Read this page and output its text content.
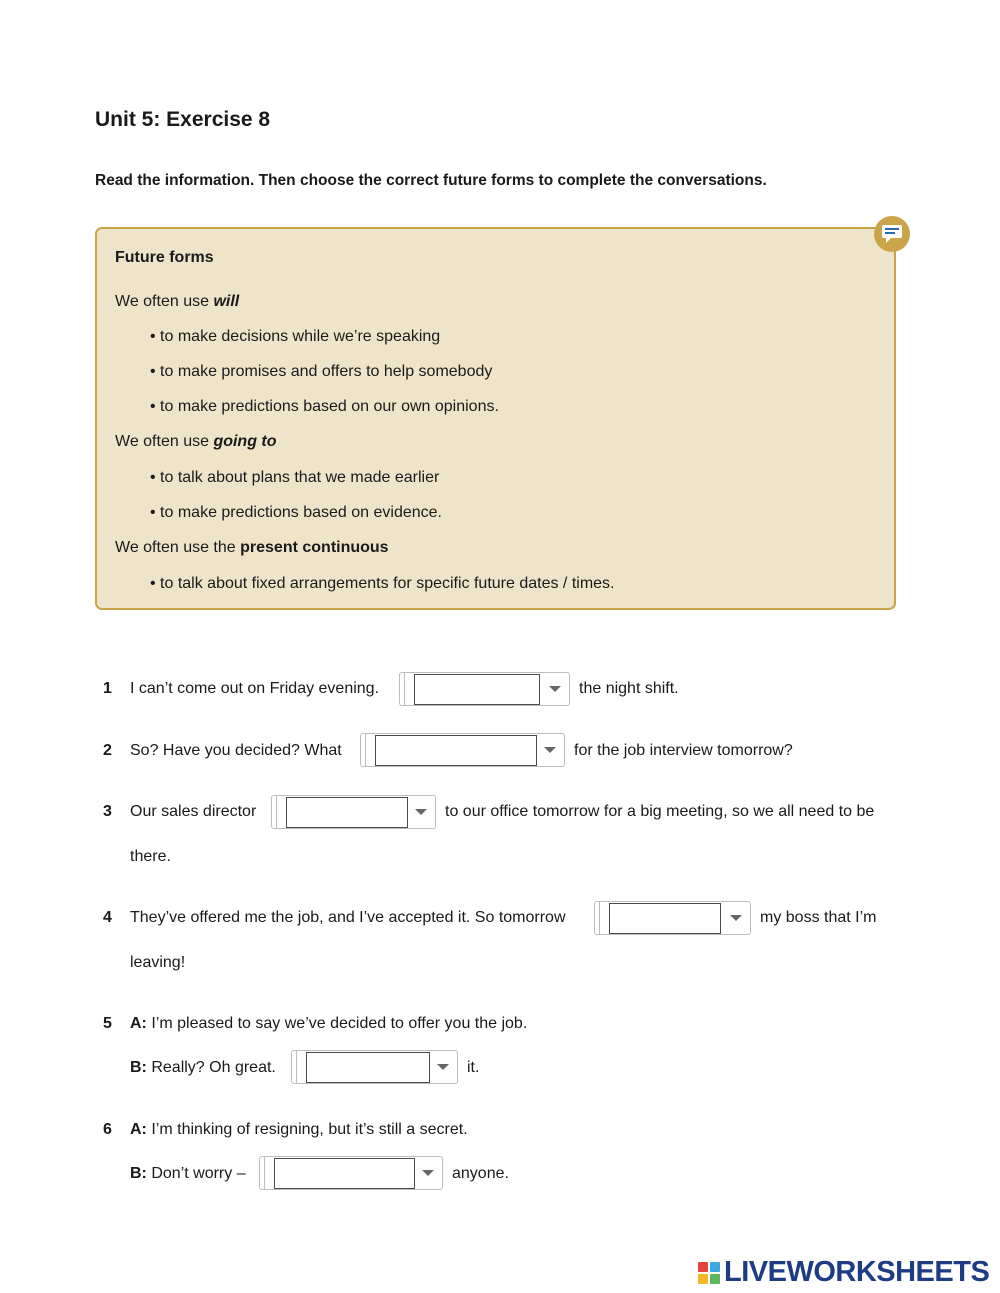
Unit 5: Exercise 8
Read the information. Then choose the correct future forms to complete the conversations.
Future forms
We often use will
• to make decisions while we’re speaking
• to make promises and offers to help somebody
• to make predictions based on our own opinions.
We often use going to
• to talk about plans that we made earlier
• to make predictions based on evidence.
We often use the present continuous
• to talk about fixed arrangements for specific future dates / times.
1 I can’t come out on Friday evening.	the night shift.
2 So? Have you decided? What	for the job interview tomorrow?
3 Our sales director	to our office tomorrow for a big meeting, so we all need to be
there.
4 They’ve offered me the job, and I’ve accepted it. So tomorrow	my boss that I’m
leaving!
5 A: I’m pleased to say we’ve decided to offer you the job.
B: Really? Oh great.	it.
6 A: I’m thinking of resigning, but it’s still a secret.
B: Don’t worry –	anyone.
LIVEWORKSHEETS
